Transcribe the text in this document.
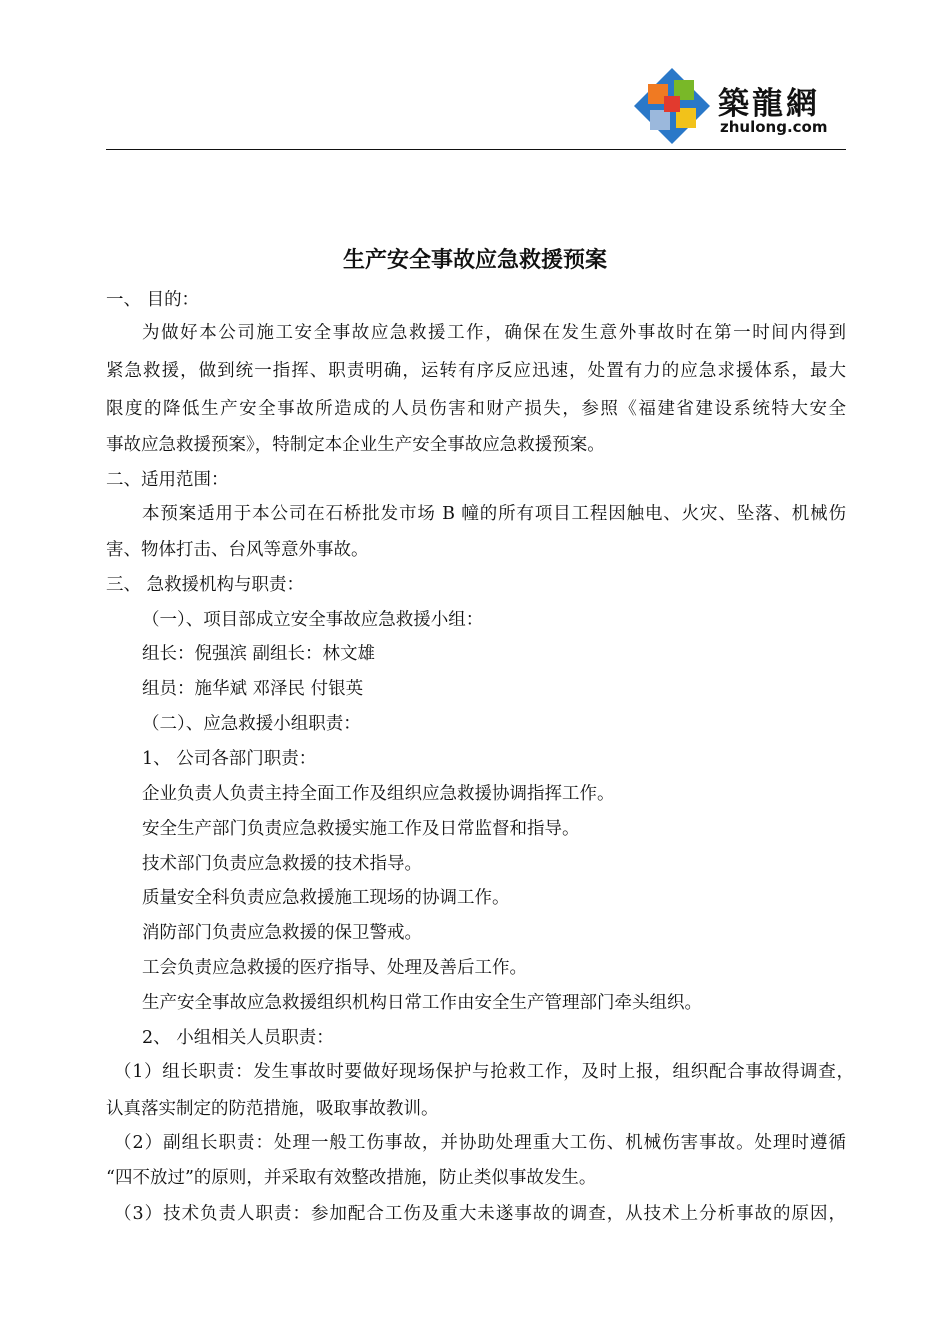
築龍網
zhulong.com
生产安全事故应急救援预案
一、 目的：
为做好本公司施工安全事故应急救援工作，确保在发生意外事故时在第一时间内得到
紧急救援，做到统一指挥、职责明确，运转有序反应迅速，处置有力的应急求援体系，最大
限度的降低生产安全事故所造成的人员伤害和财产损失，参照《福建省建设系统特大安全
事故应急救援预案》，特制定本企业生产安全事故应急救援预案。
二、适用范围：
本预案适用于本公司在石桥批发市场 B 幢的所有项目工程因触电、火灾、坠落、机械伤
害、物体打击、台风等意外事故。
三、 急救援机构与职责：
（一）、项目部成立安全事故应急救援小组：
组长：倪强滨 副组长：林文雄
组员：施华斌 邓泽民 付银英
（二）、应急救援小组职责：
1、 公司各部门职责：
企业负责人负责主持全面工作及组织应急救援协调指挥工作。
安全生产部门负责应急救援实施工作及日常监督和指导。
技术部门负责应急救援的技术指导。
质量安全科负责应急救援施工现场的协调工作。
消防部门负责应急救援的保卫警戒。
工会负责应急救援的医疗指导、处理及善后工作。
生产安全事故应急救援组织机构日常工作由安全生产管理部门牵头组织。
2、 小组相关人员职责：
（1）组长职责：发生事故时要做好现场保护与抢救工作，及时上报，组织配合事故得调查，
认真落实制定的防范措施，吸取事故教训。
（2）副组长职责：处理一般工伤事故，并协助处理重大工伤、机械伤害事故。处理时遵循
“四不放过”的原则，并采取有效整改措施，防止类似事故发生。
（3）技术负责人职责：参加配合工伤及重大未遂事故的调查，从技术上分析事故的原因，
